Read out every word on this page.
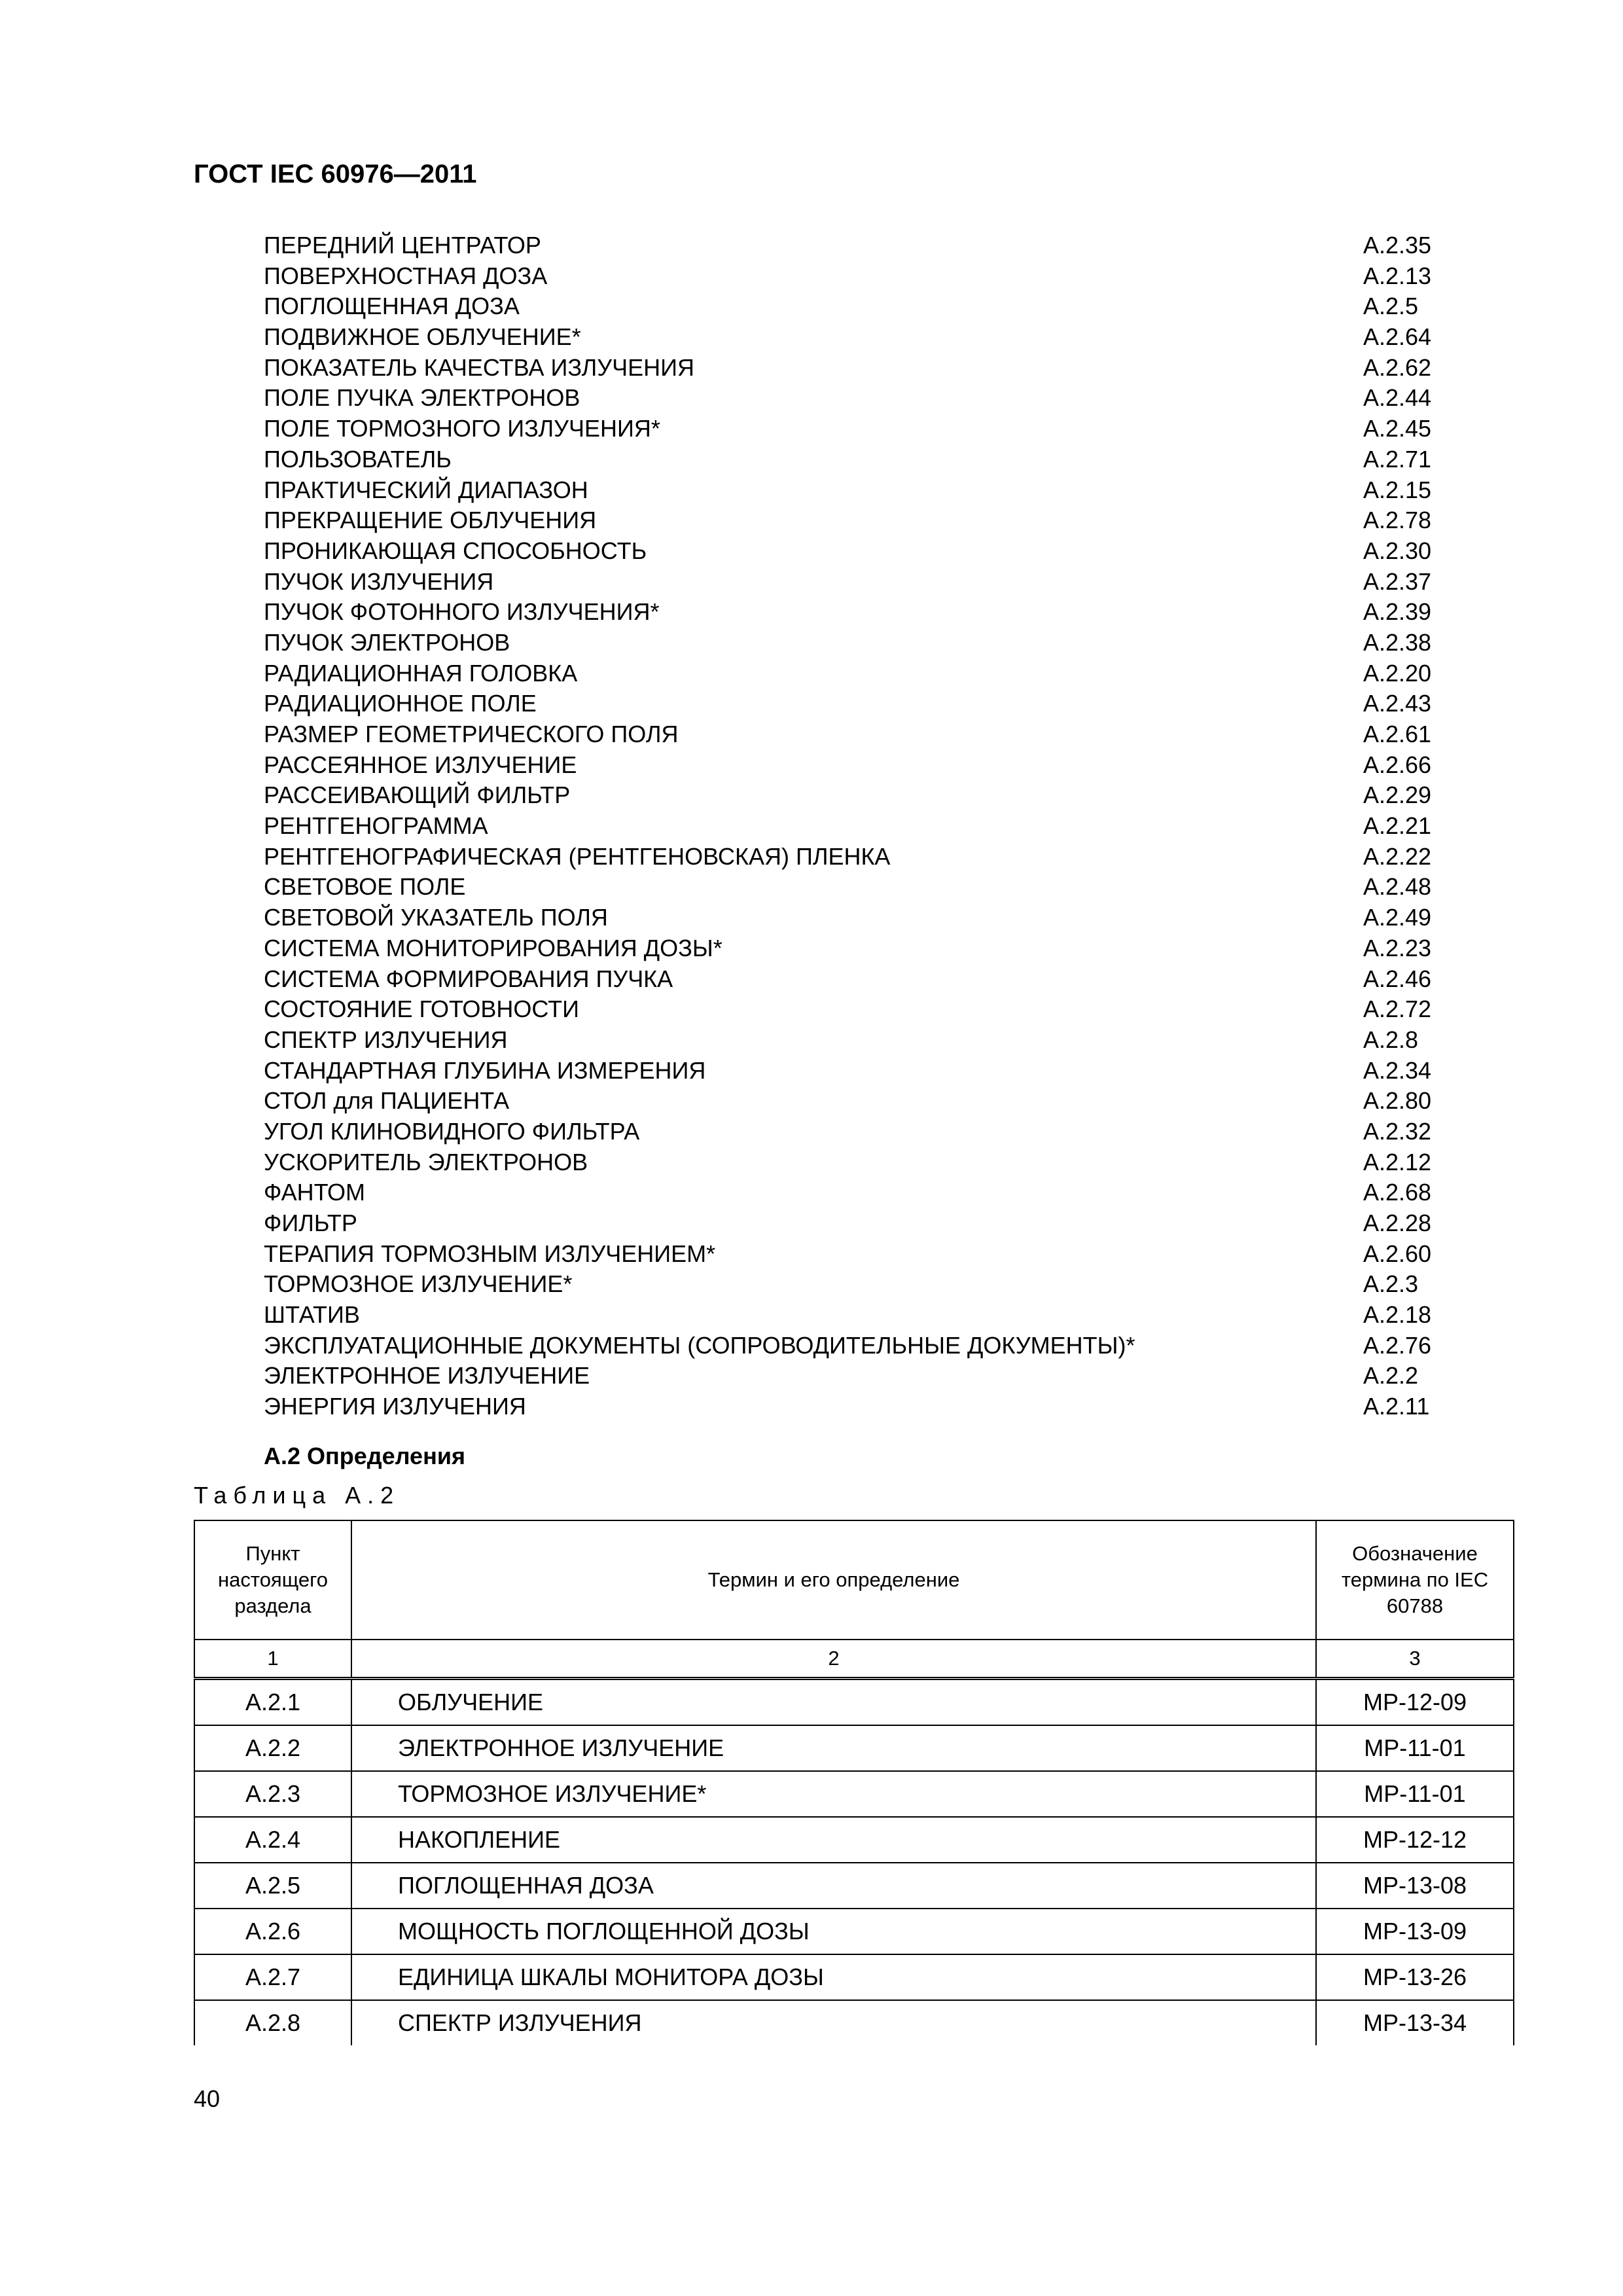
ГОСТ IEC 60976—2011
ПЕРЕДНИЙ ЦЕНТРАТОР	A.2.35
ПОВЕРХНОСТНАЯ ДОЗА	A.2.13
ПОГЛОЩЕННАЯ ДОЗА	A.2.5
ПОДВИЖНОЕ ОБЛУЧЕНИЕ*	A.2.64
ПОКАЗАТЕЛЬ КАЧЕСТВА ИЗЛУЧЕНИЯ	A.2.62
ПОЛЕ ПУЧКА ЭЛЕКТРОНОВ	A.2.44
ПОЛЕ ТОРМОЗНОГО ИЗЛУЧЕНИЯ*	A.2.45
ПОЛЬЗОВАТЕЛЬ	A.2.71
ПРАКТИЧЕСКИЙ ДИАПАЗОН	A.2.15
ПРЕКРАЩЕНИЕ ОБЛУЧЕНИЯ	A.2.78
ПРОНИКАЮЩАЯ СПОСОБНОСТЬ	A.2.30
ПУЧОК ИЗЛУЧЕНИЯ	A.2.37
ПУЧОК ФОТОННОГО ИЗЛУЧЕНИЯ*	A.2.39
ПУЧОК ЭЛЕКТРОНОВ	A.2.38
РАДИАЦИОННАЯ ГОЛОВКА	A.2.20
РАДИАЦИОННОЕ ПОЛЕ	A.2.43
РАЗМЕР ГЕОМЕТРИЧЕСКОГО ПОЛЯ	A.2.61
РАССЕЯННОЕ ИЗЛУЧЕНИЕ	A.2.66
РАССЕИВАЮЩИЙ ФИЛЬТР	A.2.29
РЕНТГЕНОГРАММА	A.2.21
РЕНТГЕНОГРАФИЧЕСКАЯ (РЕНТГЕНОВСКАЯ) ПЛЕНКА	A.2.22
СВЕТОВОЕ ПОЛЕ	A.2.48
СВЕТОВОЙ УКАЗАТЕЛЬ ПОЛЯ	A.2.49
СИСТЕМА МОНИТОРИРОВАНИЯ ДОЗЫ*	A.2.23
СИСТЕМА ФОРМИРОВАНИЯ ПУЧКА	A.2.46
СОСТОЯНИЕ ГОТОВНОСТИ	A.2.72
СПЕКТР ИЗЛУЧЕНИЯ	A.2.8
СТАНДАРТНАЯ ГЛУБИНА ИЗМЕРЕНИЯ	A.2.34
СТОЛ для ПАЦИЕНТА	A.2.80
УГОЛ КЛИНОВИДНОГО ФИЛЬТРА	A.2.32
УСКОРИТЕЛЬ ЭЛЕКТРОНОВ	A.2.12
ФАНТОМ	A.2.68
ФИЛЬТР	A.2.28
ТЕРАПИЯ ТОРМОЗНЫМ ИЗЛУЧЕНИЕМ*	A.2.60
ТОРМОЗНОЕ ИЗЛУЧЕНИЕ*	A.2.3
ШТАТИВ	A.2.18
ЭКСПЛУАТАЦИОННЫЕ ДОКУМЕНТЫ (СОПРОВОДИТЕЛЬНЫЕ ДОКУМЕНТЫ)*	A.2.76
ЭЛЕКТРОННОЕ ИЗЛУЧЕНИЕ	A.2.2
ЭНЕРГИЯ ИЗЛУЧЕНИЯ	A.2.11
А.2 Определения
Таблица А.2
Пункт настоящего раздела	Термин и его определение	Обозначение термина по IEC 60788
1	2	3
A.2.1	ОБЛУЧЕНИЕ	MP-12-09
A.2.2	ЭЛЕКТРОННОЕ ИЗЛУЧЕНИЕ	MP-11-01
A.2.3	ТОРМОЗНОЕ ИЗЛУЧЕНИЕ*	MP-11-01
A.2.4	НАКОПЛЕНИЕ	MP-12-12
A.2.5	ПОГЛОЩЕННАЯ ДОЗА	MP-13-08
A.2.6	МОЩНОСТЬ ПОГЛОЩЕННОЙ ДОЗЫ	MP-13-09
A.2.7	ЕДИНИЦА ШКАЛЫ МОНИТОРА ДОЗЫ	MP-13-26
A.2.8	СПЕКТР ИЗЛУЧЕНИЯ	MP-13-34
40
